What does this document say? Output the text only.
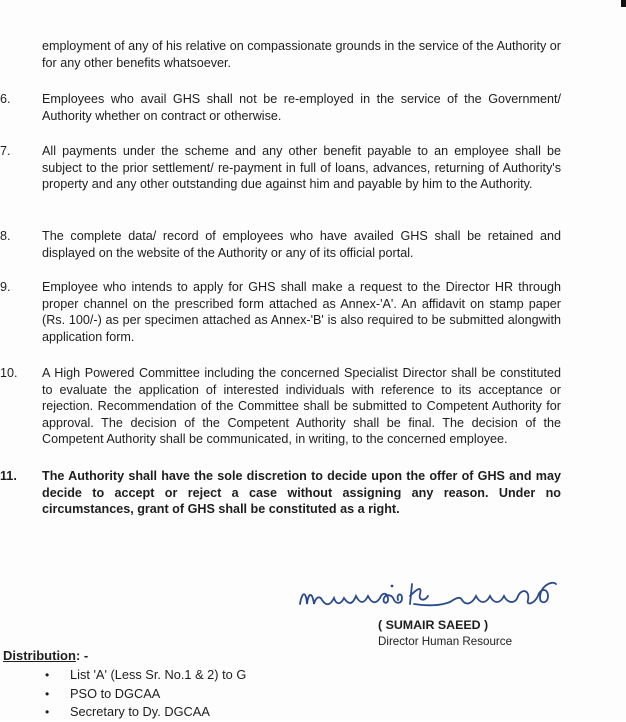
employment of any of his relative on compassionate grounds in the service of the Authority or for any other benefits whatsoever.
6.	Employees who avail GHS shall not be re-employed in the service of the Government/ Authority whether on contract or otherwise.
7.	All payments under the scheme and any other benefit payable to an employee shall be subject to the prior settlement/ re-payment in full of loans, advances, returning of Authority's property and any other outstanding due against him and payable by him to the Authority.
8.	The complete data/ record of employees who have availed GHS shall be retained and displayed on the website of the Authority or any of its official portal.
9.	Employee who intends to apply for GHS shall make a request to the Director HR through proper channel on the prescribed form attached as Annex-'A'. An affidavit on stamp paper (Rs. 100/-) as per specimen attached as Annex-'B' is also required to be submitted alongwith application form.
10.	A High Powered Committee including the concerned Specialist Director shall be constituted to evaluate the application of interested individuals with reference to its acceptance or rejection. Recommendation of the Committee shall be submitted to Competent Authority for approval. The decision of the Competent Authority shall be final. The decision of the Competent Authority shall be communicated, in writing, to the concerned employee.
11.	The Authority shall have the sole discretion to decide upon the offer of GHS and may decide to accept or reject a case without assigning any reason. Under no circumstances, grant of GHS shall be constituted as a right.
( SUMAIR SAEED )
Director Human Resource
Distribution: -
• List 'A' (Less Sr. No.1 & 2) to G
• PSO to DGCAA
• Secretary to Dy. DGCAA
